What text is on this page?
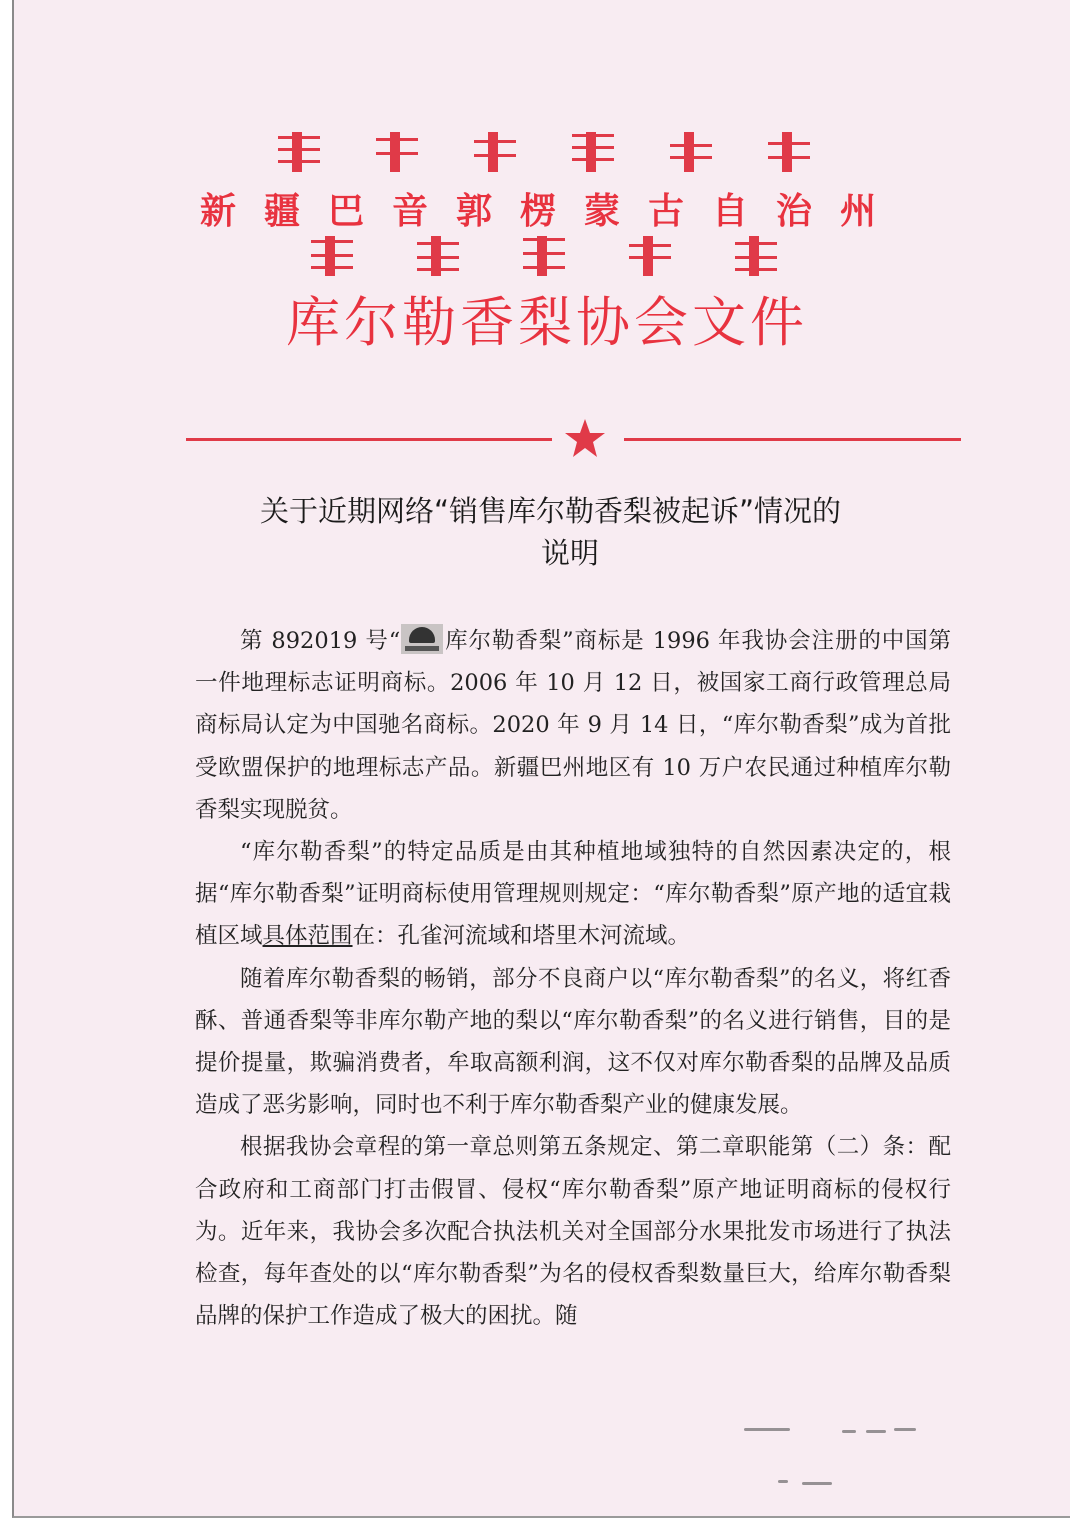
新疆巴音郭楞蒙古自治州
库尔勒香梨协会文件
关于近期网络“销售库尔勒香梨被起诉”情况的
说明

第 892019 号“ 库尔勒香梨”商标是 1996 年我协会注册的中国第一件地理标志证明商标。2006 年 10 月 12 日，被国家工商行政管理总局商标局认定为中国驰名商标。2020 年 9 月 14 日，“库尔勒香梨”成为首批受欧盟保护的地理标志产品。新疆巴州地区有 10 万户农民通过种植库尔勒香梨实现脱贫。

“库尔勒香梨”的特定品质是由其种植地域独特的自然因素决定的，根据“库尔勒香梨”证明商标使用管理规则规定：“库尔勒香梨”原产地的适宜栽植区域具体范围在：孔雀河流域和塔里木河流域。

随着库尔勒香梨的畅销，部分不良商户以“库尔勒香梨”的名义，将红香酥、普通香梨等非库尔勒产地的梨以“库尔勒香梨”的名义进行销售，目的是提价提量，欺骗消费者，牟取高额利润，这不仅对库尔勒香梨的品牌及品质造成了恶劣影响，同时也不利于库尔勒香梨产业的健康发展。

根据我协会章程的第一章总则第五条规定、第二章职能第（二）条：配合政府和工商部门打击假冒、侵权“库尔勒香梨”原产地证明商标的侵权行为。近年来，我协会多次配合执法机关对全国部分水果批发市场进行了执法检查，每年查处的以“库尔勒香梨”为名的侵权香梨数量巨大，给库尔勒香梨品牌的保护工作造成了极大的困扰。随
